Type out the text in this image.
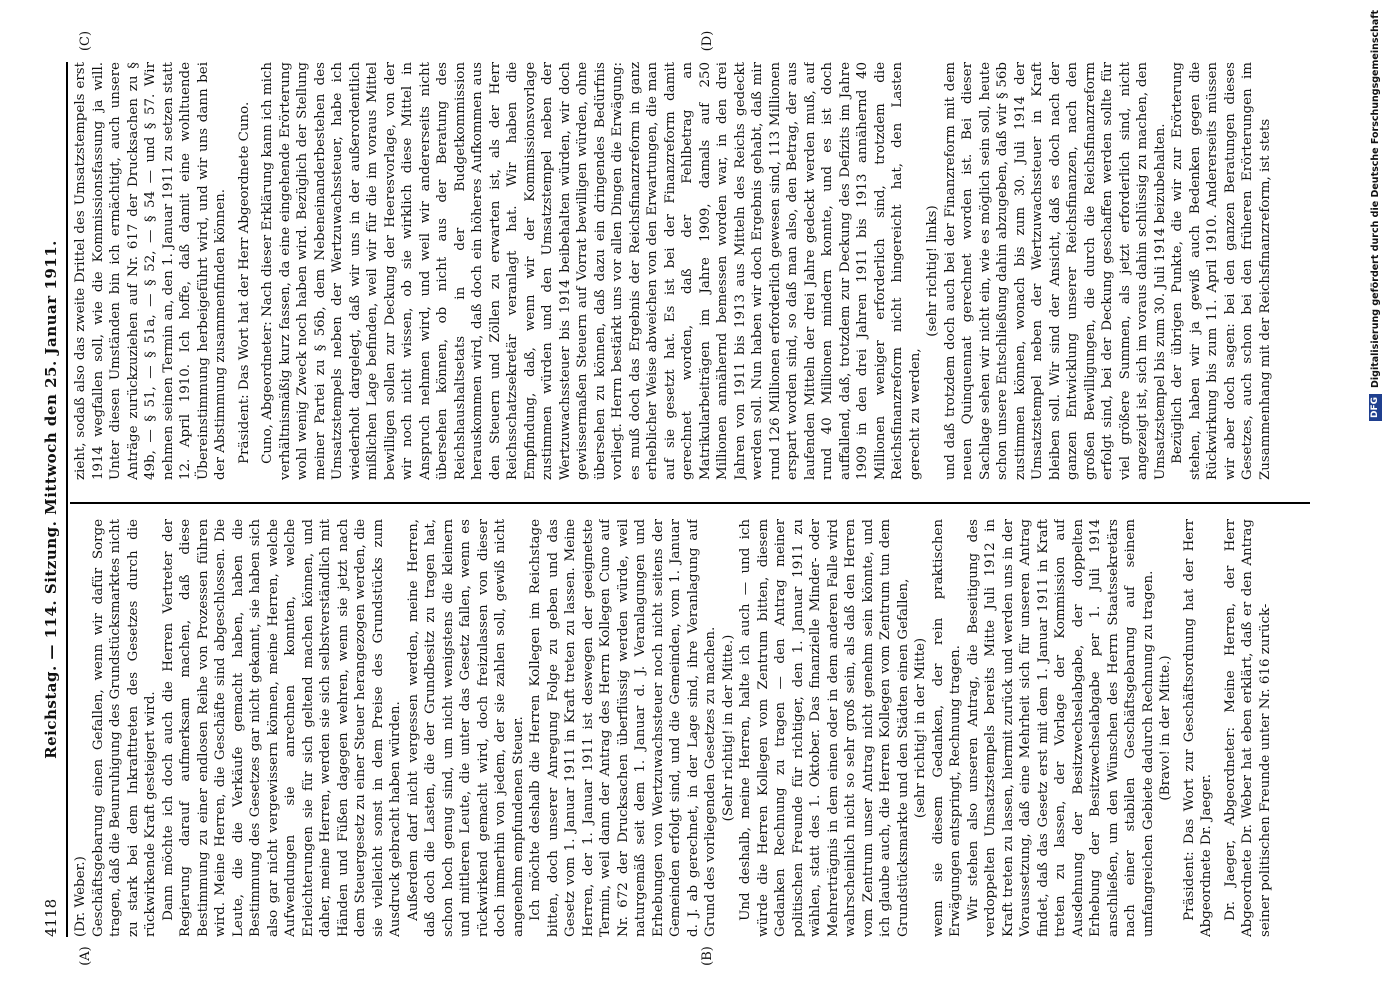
4118
Reichstag. — 114. Sitzung. Mittwoch den 25. Januar 1911.
(A)	(B)
(C)	(D)

(Dr. Weber.) Geschäftsgebarung einen Gefallen, wenn wir dafür Sorge tragen, daß die Beunruhigung des Grundstücksmarktes nicht zu stark bei dem Inkrafttreten des Gesetzes durch die rückwirkende Kraft gesteigert wird. Dann möchte ich doch auch die Herren Vertreter der Regierung darauf aufmerksam machen, daß diese Bestimmung zu einer endlosen Reihe von Prozessen führen wird. Meine Herren, die Geschäfte sind abgeschlossen. Die Leute, die die Verkäufe gemacht haben, haben die Bestimmung des Gesetzes gar nicht gekannt, sie haben sich also gar nicht vergewissern können, meine Herren, welche Aufwendungen sie anrechnen konnten, welche Erleichterungen sie für sich geltend machen können, und daher, meine Herren, werden sie sich selbstverständlich mit Händen und Füßen dagegen wehren, wenn sie jetzt nach dem Steuergesetz zu einer Steuer herangezogen werden, die sie vielleicht sonst in dem Preise des Grundstücks zum Ausdruck gebracht haben würden. Außerdem darf nicht vergessen werden, meine Herren, daß doch die Lasten, die der Grundbesitz zu tragen hat, schon hoch genug sind, um nicht wenigstens die kleinern und mittleren Leute, die unter das Gesetz fallen, wenn es rückwirkend gemacht wird, doch freizulassen von dieser doch immerhin von jedem, der sie zahlen soll, gewiß nicht angenehm empfundenen Steuer. Ich möchte deshalb die Herren Kollegen im Reichstage bitten, doch unserer Anregung Folge zu geben und das Gesetz vom 1. Januar 1911 in Kraft treten zu lassen. Meine Herren, der 1. Januar 1911 ist deswegen der geeignetste Termin, weil dann der Antrag des Herrn Kollegen Cuno auf Nr. 672 der Drucksachen überflüssig werden würde, weil naturgemäß seit dem 1. Januar d. J. Veranlagungen und Erhebungen von Wertzuwachssteuer noch nicht seitens der Gemeinden erfolgt sind, und die Gemeinden, vom 1. Januar d. J. ab gerechnet, in der Lage sind, ihre Veranlagung auf Grund des vorliegenden Gesetzes zu machen. (Sehr richtig! in der Mitte.) Und deshalb, meine Herren, halte ich auch — und ich würde die Herren Kollegen vom Zentrum bitten, diesem Gedanken Rechnung zu tragen — den Antrag meiner politischen Freunde für richtiger, den 1. Januar 1911 zu wählen, statt des 1. Oktober. Das finanzielle Minder- oder Mehrerträgnis in dem einen oder in dem anderen Falle wird wahrscheinlich nicht so sehr groß sein, als daß den Herren vom Zentrum unser Antrag nicht genehm sein könnte, und ich glaube auch, die Herren Kollegen vom Zentrum tun dem Grundstücksmarkte und den Städten einen Gefallen, (sehr richtig! in der Mitte) wenn sie diesem Gedanken, der rein praktischen Erwägungen entspringt, Rechnung tragen. Wir stehen also unseren Antrag, die Beseitigung des verdoppelten Umsatzstempels bereits Mitte Juli 1912 in Kraft treten zu lassen, hiermit zurück und werden uns in der Voraussetzung, daß eine Mehrheit sich für unseren Antrag findet, daß das Gesetz erst mit dem 1. Januar 1911 in Kraft treten zu lassen, der Vorlage der Kommission auf Ausdehnung der Besitzwechselabgabe, der doppelten Erhebung der Besitzwechselabgabe per 1. Juli 1914 anschließen, um den Wünschen des Herrn Staatssekretärs nach einer stabilen Geschäftsgebarung auf seinem umfangreichen Gebiete dadurch Rechnung zu tragen. (Bravo! in der Mitte.) Präsident: Das Wort zur Geschäftsordnung hat der Herr Abgeordnete Dr. Jaeger. Dr. Jaeger, Abgeordneter: Meine Herren, der Herr Abgeordnete Dr. Weber hat eben erklärt, daß er den Antrag seiner politischen Freunde unter Nr. 616 zurück-

zieht, sodaß also das zweite Drittel des Umsatzstempels erst 1914 wegfallen soll, wie die Kommissionsfassung ja will. Unter diesen Umständen bin ich ermächtigt, auch unsere Anträge zurückzuziehen auf Nr. 617 der Drucksachen zu § 49b, — § 51, — § 51a, — § 52, — § 54 — und § 57. Wir nehmen seinen Termin an, den 1. Januar 1911 zu setzen statt 12. April 1910. Ich hoffe, daß damit eine wohltuende Übereinstimmung herbeigeführt wird, und wir uns dann bei der Abstimmung zusammenfinden können. Präsident: Das Wort hat der Herr Abgeordnete Cuno. Cuno, Abgeordneter: Nach dieser Erklärung kann ich mich verhältnismäßig kurz fassen, da eine eingehende Erörterung wohl wenig Zweck noch haben wird. Bezüglich der Stellung meiner Partei zu § 56b, dem Nebeneinanderbestehen des Umsatzstempels neben der Wertzuwachssteuer, habe ich wiederholt dargelegt, daß wir uns in der außerordentlich mißlichen Lage befinden, weil wir für die im voraus Mittel bewilligen sollen zur Deckung der Heeresvorlage, von der wir noch nicht wissen, ob sie wirklich diese Mittel in Anspruch nehmen wird, und weil wir andererseits nicht übersehen können, ob nicht aus der Beratung des Reichshaushaltsetats in der Budgetkommission herauskommen wird, daß doch ein höheres Aufkommen aus den Steuern und Zöllen zu erwarten ist, als der Herr Reichsschatzsekretär veranlagt hat. Wir haben die Empfindung, daß, wenn wir der Kommissionsvorlage zustimmen würden und den Umsatzstempel neben der Wertzuwachssteuer bis 1914 beibehalten würden, wir doch gewissermaßen Steuern auf Vorrat bewilligen würden, ohne übersehen zu können, daß dazu ein dringendes Bedürfnis vorliegt. Herrn bestärkt uns vor allen Dingen die Erwägung: es muß doch das Ergebnis der Reichsfinanzreform in ganz erheblicher Weise abweichen von den Erwartungen, die man auf sie gesetzt hat. Es ist bei der Finanzreform damit gerechnet worden, daß der Fehlbetrag an Matrikularbeiträgen im Jahre 1909, damals auf 250 Millionen annähernd bemessen worden war, in den drei Jahren von 1911 bis 1913 aus Mitteln des Reichs gedeckt werden soll. Nun haben wir doch Ergebnis gehabt, daß mir rund 126 Millionen erforderlich gewesen sind, 113 Millionen erspart worden sind, so daß man also, den Betrag, der aus laufenden Mitteln der drei Jahre gedeckt werden muß, auf rund 40 Millionen mindern konnte, und es ist doch auffallend, daß, trotzdem zur Deckung des Defizits im Jahre 1909 in den drei Jahren 1911 bis 1913 annähernd 40 Millionen weniger erforderlich sind, trotzdem die Reichsfinanzreform nicht hingereicht hat, den Lasten gerecht zu werden,

(sehr richtig! links) und daß trotzdem doch auch bei der Finanzreform mit dem neuen Quinquennat gerechnet worden ist. Bei dieser Sachlage sehen wir nicht ein, wie es möglich sein soll, heute schon unsere Entschließung dahin abzugeben, daß wir § 56b zustimmen können, wonach bis zum 30. Juli 1914 der Umsatzstempel neben der Wertzuwachssteuer in Kraft bleiben soll. Wir sind der Ansicht, daß es doch nach der ganzen Entwicklung unserer Reichsfinanzen, nach den großen Bewilligungen, die durch die Reichsfinanzreform erfolgt sind, bei der Deckung geschaffen werden sollte für viel größere Summen, als jetzt erforderlich sind, nicht angezeigt ist, sich im voraus dahin schlüssig zu machen, den Umsatzstempel bis zum 30. Juli 1914 beizubehalten. Bezüglich der übrigen Punkte, die wir zur Erörterung stehen, haben wir ja gewiß auch Bedenken gegen die Rückwirkung bis zum 11. April 1910. Andererseits müssen wir aber doch sagen: bei den ganzen Beratungen dieses Gesetzes, auch schon bei den früheren Erörterungen im Zusammenhang mit der Reichsfinanzreform, ist stets	DFG
Digitalisierung gefördert durch die Deutsche Forschungsgemeinschaft
